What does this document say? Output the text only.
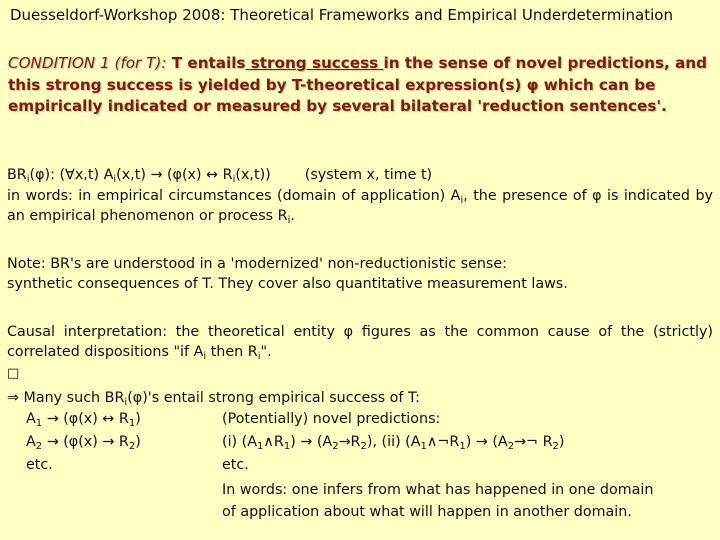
Duesseldorf-Workshop 2008: Theoretical Frameworks and Empirical Underdetermination
CONDITION 1 (for T): T entails strong success in the sense of novel predictions, and this strong success is yielded by T-theoretical expression(s) φ which can be empirically indicated or measured by several bilateral 'reduction sentences'.
$BR_i(\varphi)$: (∀x,t) $A_i(x,t) \to (\varphi(x)$ ↔ $R_i(x,t)$) (system x, time t)
in words: in empirical circumstances (domain of application) $A_i$, the presence of φ is indicated by an empirical phenomenon or process $R_i$.
Note: BR's are understood in a 'modernized' non-reductionistic sense:
synthetic consequences of T. They cover also quantitative measurement laws.
Causal interpretation: the theoretical entity φ figures as the common cause of the (strictly) correlated dispositions "if $A_i$ then $R_i$".
□
⇒ Many such $BR_i(\varphi)'s$ entail strong empirical success of T:
$A_1 \to (\varphi(x)$ ↔ $R_1$)	(Potentially) novel predictions:
$A_2 \to (\varphi(x) \to R_2)$	(i) $(A_1\wedge R_1) \to (A_2\to R_2)$, (ii) $(A_1\wedge\neg R_1)$ → ($A_2\to\neg$ $R_2$)
etc.	etc.
In words: one infers from what has happened in one domain
of application about what will happen in another domain.
